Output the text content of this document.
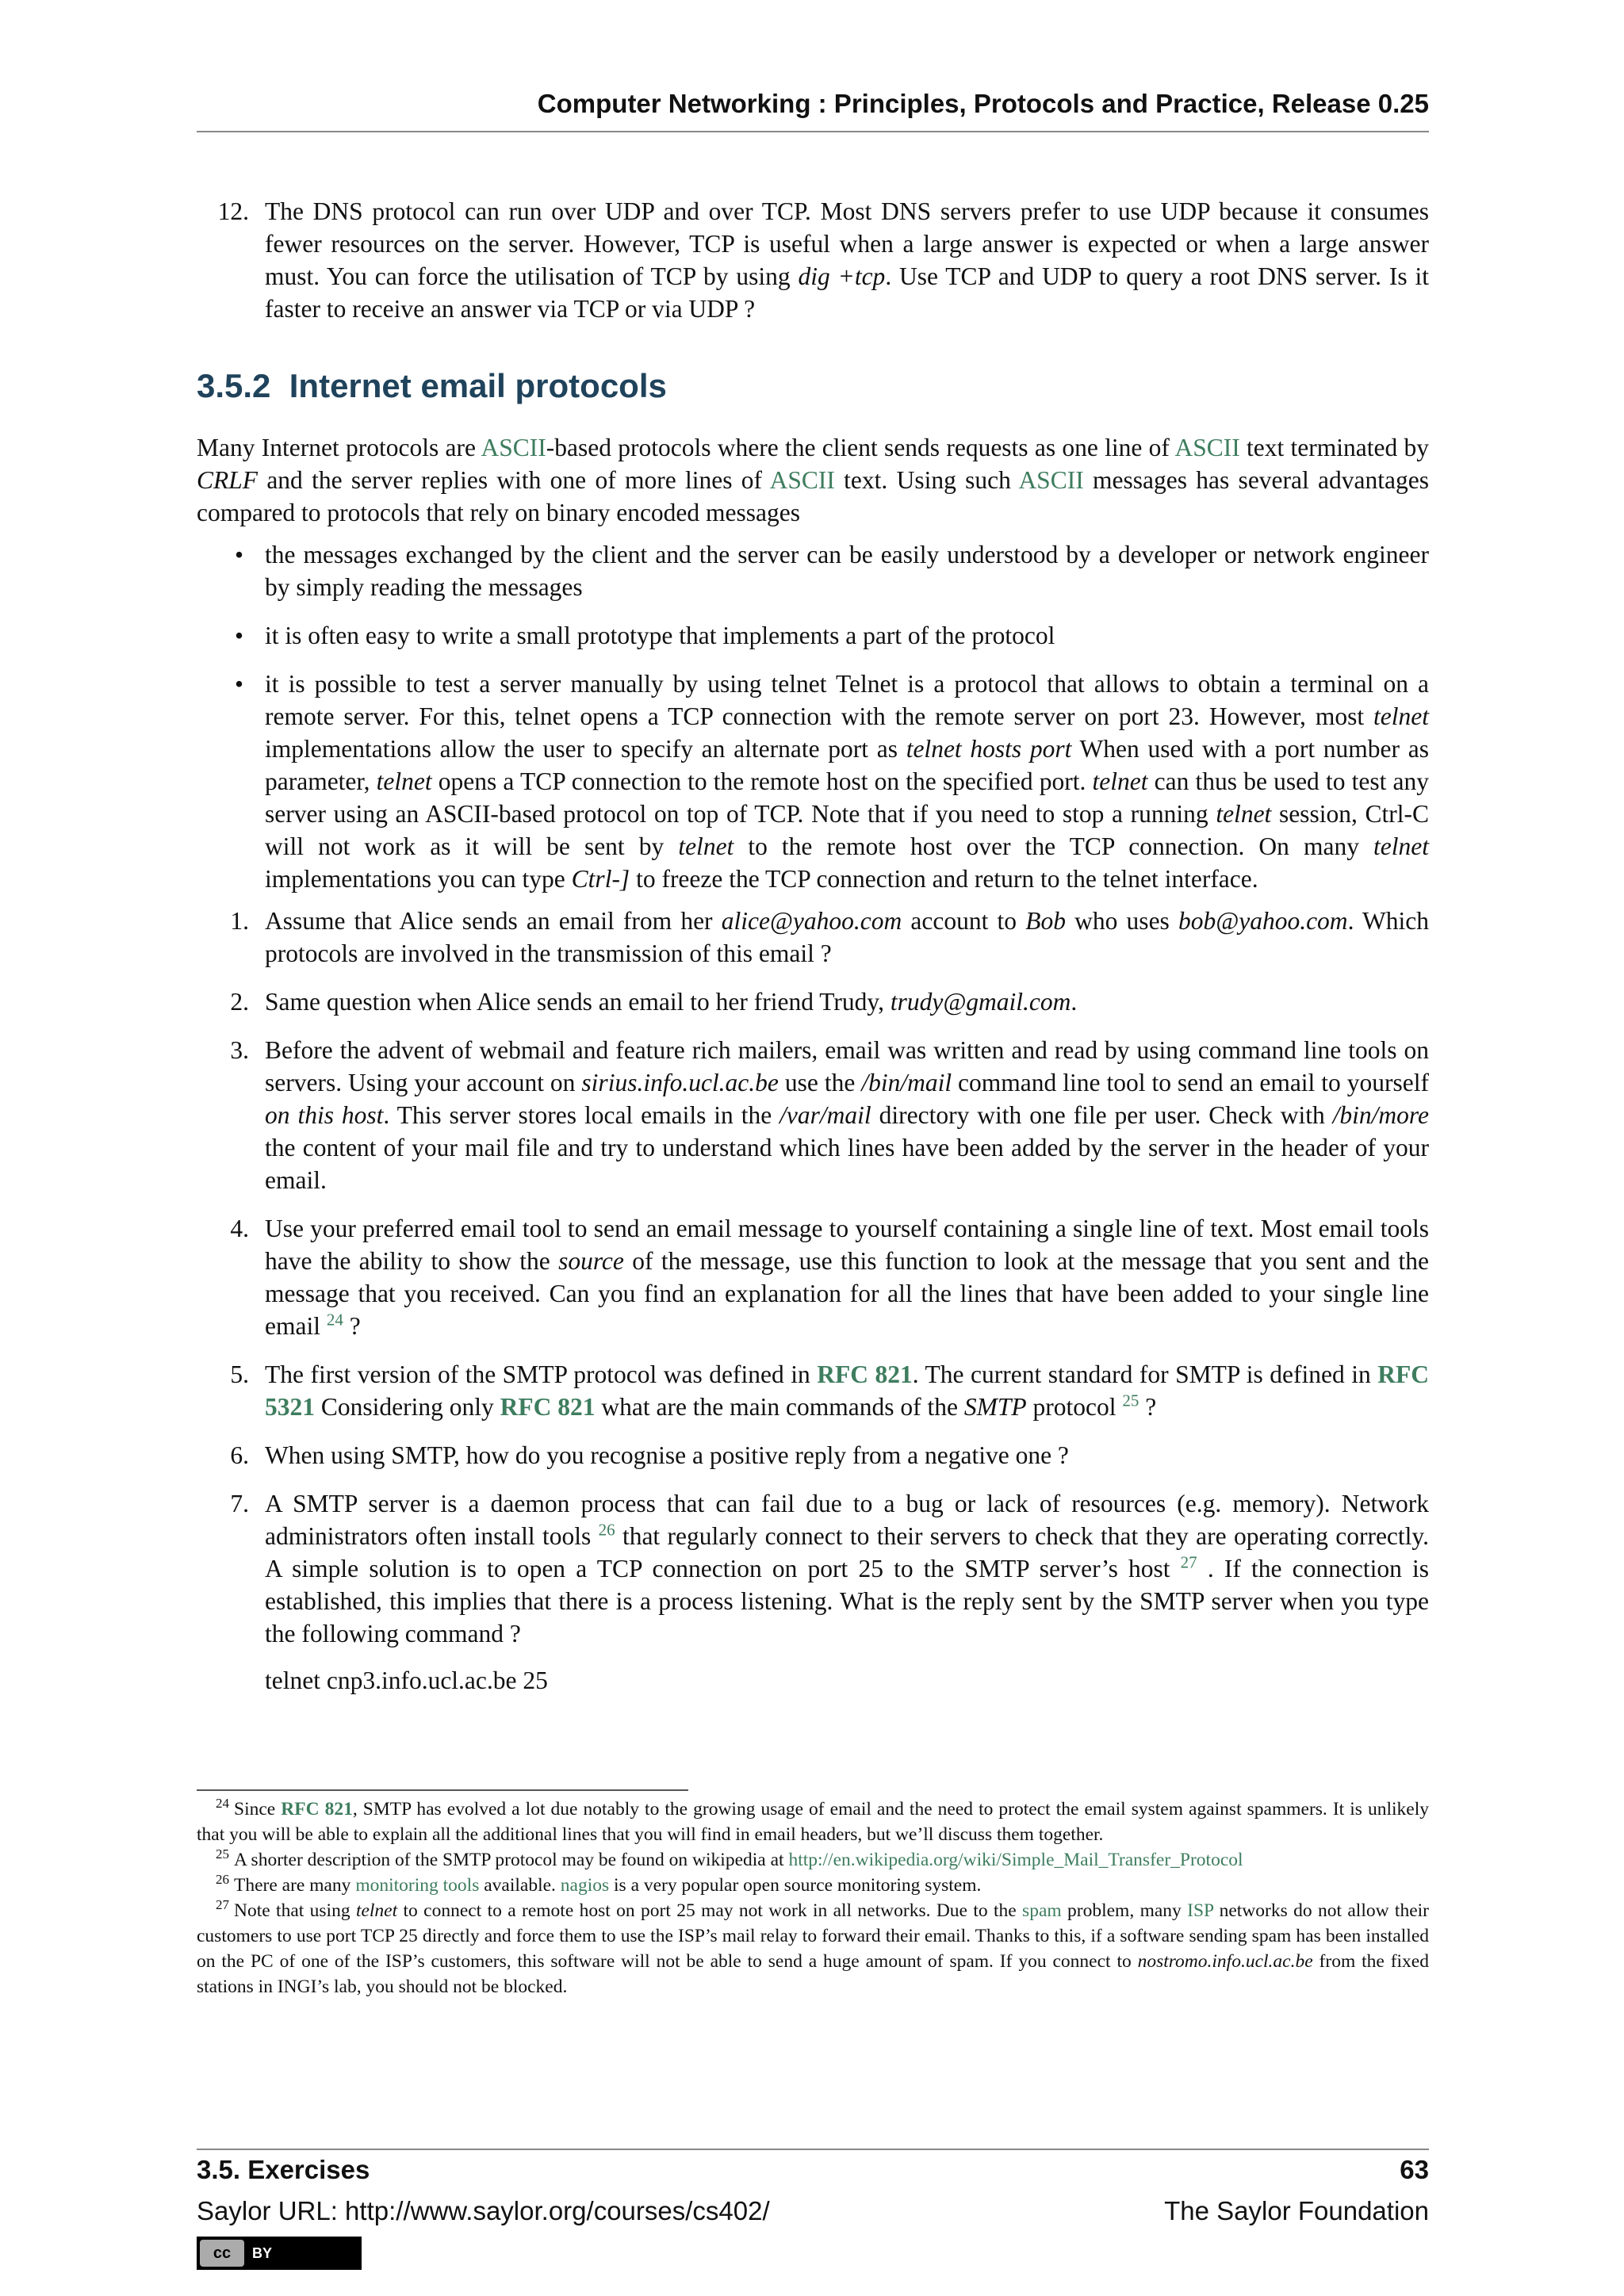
Computer Networking : Principles, Protocols and Practice, Release 0.25
12. The DNS protocol can run over UDP and over TCP. Most DNS servers prefer to use UDP because it consumes fewer resources on the server. However, TCP is useful when a large answer is expected or when a large answer must. You can force the utilisation of TCP by using dig +tcp. Use TCP and UDP to query a root DNS server. Is it faster to receive an answer via TCP or via UDP ?
3.5.2 Internet email protocols

Many Internet protocols are ASCII-based protocols where the client sends requests as one line of ASCII text terminated by CRLF and the server replies with one of more lines of ASCII text. Using such ASCII messages has several advantages compared to protocols that rely on binary encoded messages

• the messages exchanged by the client and the server can be easily understood by a developer or network engineer by simply reading the messages
• it is often easy to write a small prototype that implements a part of the protocol
• it is possible to test a server manually by using telnet Telnet is a protocol that allows to obtain a terminal on a remote server. For this, telnet opens a TCP connection with the remote server on port 23. However, most telnet implementations allow the user to specify an alternate port as telnet hosts port When used with a port number as parameter, telnet opens a TCP connection to the remote host on the specified port. telnet can thus be used to test any server using an ASCII-based protocol on top of TCP. Note that if you need to stop a running telnet session, Ctrl-C will not work as it will be sent by telnet to the remote host over the TCP connection. On many telnet implementations you can type Ctrl-] to freeze the TCP connection and return to the telnet interface.
1. Assume that Alice sends an email from her alice@yahoo.com account to Bob who uses bob@yahoo.com. Which protocols are involved in the transmission of this email ?
2. Same question when Alice sends an email to her friend Trudy, trudy@gmail.com.
3. Before the advent of webmail and feature rich mailers, email was written and read by using command line tools on servers. Using your account on sirius.info.ucl.ac.be use the /bin/mail command line tool to send an email to yourself on this host. This server stores local emails in the /var/mail directory with one file per user. Check with /bin/more the content of your mail file and try to understand which lines have been added by the server in the header of your email.
4. Use your preferred email tool to send an email message to yourself containing a single line of text. Most email tools have the ability to show the source of the message, use this function to look at the message that you sent and the message that you received. Can you find an explanation for all the lines that have been added to your single line email $^{24}$ ?
5. The first version of the SMTP protocol was defined in RFC 821. The current standard for SMTP is defined in RFC 5321 Considering only RFC 821 what are the main commands of the SMTP protocol $^{25}$ ?
6. When using SMTP, how do you recognise a positive reply from a negative one ?
7. A SMTP server is a daemon process that can fail due to a bug or lack of resources (e.g. memory). Network administrators often install tools $^{26}$ that regularly connect to their servers to check that they are operating correctly. A simple solution is to open a TCP connection on port 25 to the SMTP server’s host $^{27}$ . If the connection is established, this implies that there is a process listening. What is the reply sent by the SMTP server when you type the following command ?
telnet cnp3.info.ucl.ac.be 25

$^{24}$ Since RFC 821, SMTP has evolved a lot due notably to the growing usage of email and the need to protect the email system against spammers. It is unlikely that you will be able to explain all the additional lines that you will find in email headers, but we’ll discuss them together.

$^{25}$ A shorter description of the SMTP protocol may be found on wikipedia at http://en.wikipedia.org/wiki/Simple_Mail_Transfer_Protocol

$^{26}$ There are many monitoring tools available. nagios is a very popular open source monitoring system.

$^{27}$ Note that using telnet to connect to a remote host on port 25 may not work in all networks. Due to the spam problem, many ISP networks do not allow their customers to use port TCP 25 directly and force them to use the ISP’s mail relay to forward their email. Thanks to this, if a software sending spam has been installed on the PC of one of the ISP’s customers, this software will not be able to send a huge amount of spam. If you connect to nostromo.info.ucl.ac.be from the fixed stations in INGI’s lab, you should not be blocked.

3.5. Exercises	63
Saylor URL: http://www.saylor.org/courses/cs402/	The Saylor Foundation
cc	BY
